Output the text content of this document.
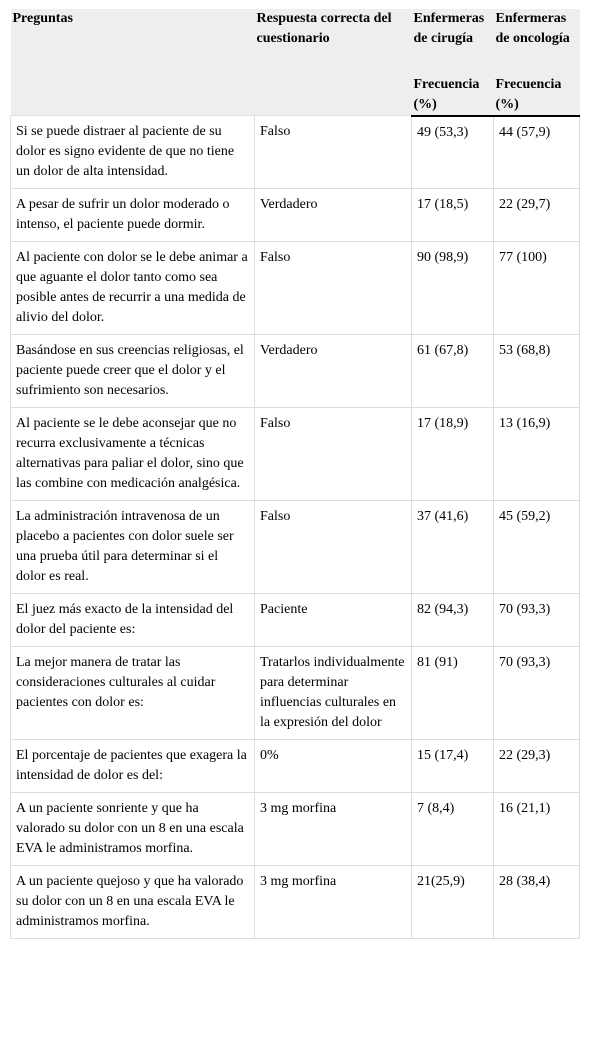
Preguntas	Respuesta correcta del cuestionario	Enfermeras de cirugía	Enfermeras de oncología
		Frecuencia (%)	Frecuencia (%)
Si se puede distraer al paciente de su dolor es signo evidente de que no tiene un dolor de alta intensidad.	Falso	49 (53,3)	44 (57,9)
A pesar de sufrir un dolor moderado o intenso, el paciente puede dormir.	Verdadero	17 (18,5)	22 (29,7)
Al paciente con dolor se le debe animar a que aguante el dolor tanto como sea posible antes de recurrir a una medida de alivio del dolor.	Falso	90 (98,9)	77 (100)
Basándose en sus creencias religiosas, el paciente puede creer que el dolor y el sufrimiento son necesarios.	Verdadero	61 (67,8)	53 (68,8)
Al paciente se le debe aconsejar que no recurra exclusivamente a técnicas alternativas para paliar el dolor, sino que las combine con medicación analgésica.	Falso	17 (18,9)	13 (16,9)
La administración intravenosa de un placebo a pacientes con dolor suele ser una prueba útil para determinar si el dolor es real.	Falso	37 (41,6)	45 (59,2)
El juez más exacto de la intensidad del dolor del paciente es:	Paciente	82 (94,3)	70 (93,3)
La mejor manera de tratar las consideraciones culturales al cuidar pacientes con dolor es:	Tratarlos individualmente para determinar influencias culturales en la expresión del dolor	81 (91)	70 (93,3)
El porcentaje de pacientes que exagera la intensidad de dolor es del:	0%	15 (17,4)	22 (29,3)
A un paciente sonriente y que ha valorado su dolor con un 8 en una escala EVA le administramos morfina.	3 mg morfina	7 (8,4)	16 (21,1)
A un paciente quejoso y que ha valorado su dolor con un 8 en una escala EVA le administramos morfina.	3 mg morfina	21(25,9)	28 (38,4)
